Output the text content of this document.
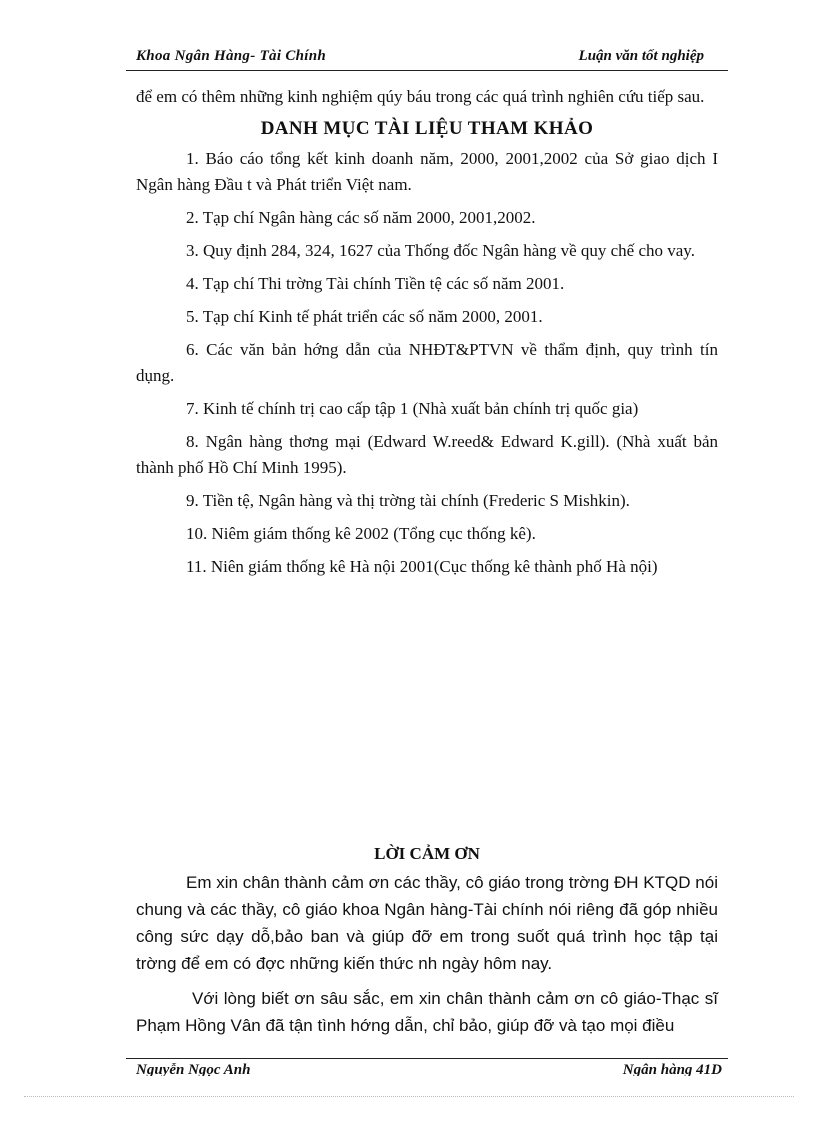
Khoa Ngân Hàng- Tài Chính	Luận văn tốt nghiệp

để em có thêm những kinh nghiệm qúy báu trong các quá trình nghiên cứu tiếp sau.

DANH MỤC TÀI LIỆU THAM KHẢO

1. Báo cáo tổng kết kinh doanh năm, 2000, 2001,2002 của Sở giao dịch I Ngân hàng Đầu t và Phát triển Việt nam.

2. Tạp chí Ngân hàng các số năm 2000, 2001,2002.

3. Quy định 284, 324, 1627 của Thống đốc Ngân hàng về quy chế cho vay.

4. Tạp chí Thi trờng Tài chính Tiền tệ các số năm 2001.

5. Tạp chí Kinh tế phát triển các số năm 2000, 2001.

6. Các văn bản hớng dẫn của NHĐT&PTVN về thẩm định, quy trình tín dụng.

7. Kinh tế chính trị cao cấp tập 1 (Nhà xuất bản chính trị quốc gia)

8. Ngân hàng thơng mại (Edward W.reed& Edward K.gill). (Nhà xuất bản thành phố Hồ Chí Minh 1995).

9. Tiền tệ, Ngân hàng và thị trờng tài chính (Frederic S Mishkin).

10. Niêm giám thống kê 2002 (Tổng cục thống kê).

11. Niên giám thống kê Hà nội 2001(Cục thống kê thành phố Hà nội)

LỜI CẢM ƠN

Em xin chân thành cảm ơn các thầy, cô giáo trong trờng ĐH KTQD nói chung và các thầy, cô giáo khoa Ngân hàng-Tài chính nói riêng đã góp nhiều công sức dạy dỗ,bảo ban và giúp đỡ em trong suốt quá trình học tập tại trờng để em có đợc những kiến thức nh ngày hôm nay.

Với lòng biết ơn sâu sắc, em xin chân thành cảm ơn cô giáo-Thạc sĩ Phạm Hồng Vân đã tận tình hớng dẫn, chỉ bảo, giúp đỡ và tạo mọi điều

Nguyễn Ngọc Anh	Ngân hàng 41D
